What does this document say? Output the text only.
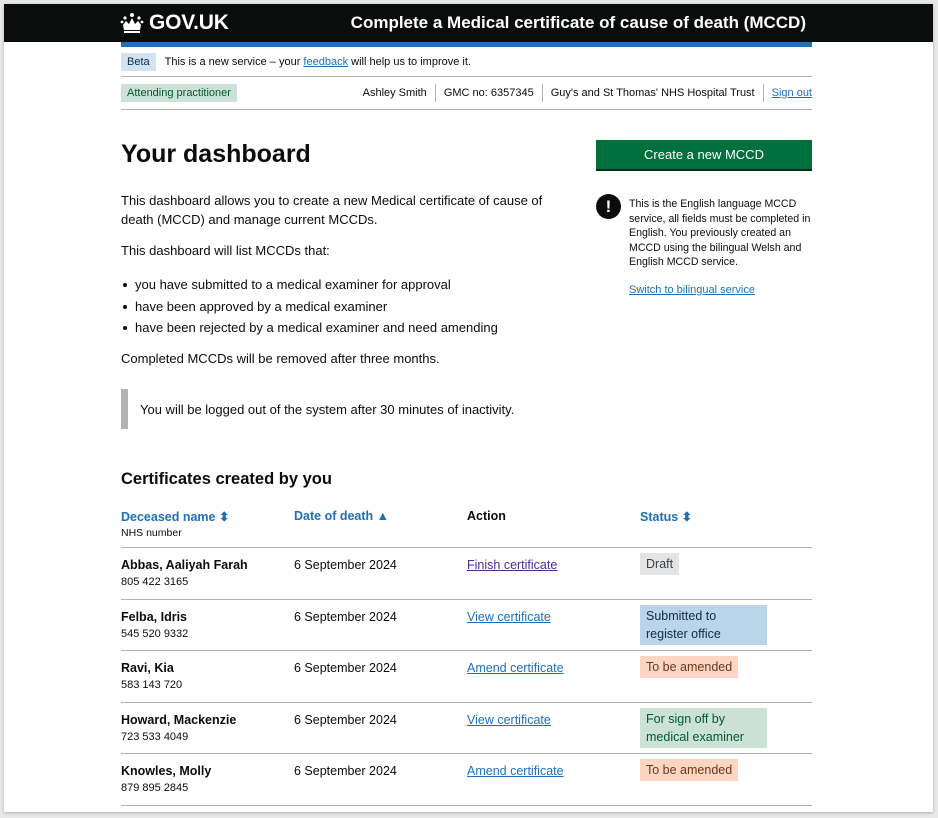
GOV.UK	Complete a Medical certificate of cause of death (MCCD)
Beta	This is a new service – your
feedback
will help us to improve it.
Attending practitioner	Ashley Smith	GMC no: 6357345	Guy's and St Thomas' NHS Hospital Trust	Sign out
Your dashboard

This dashboard allows you to create a new Medical certificate of cause of death (MCCD) and manage current MCCDs.

This dashboard will list MCCDs that:

you have submitted to a medical examiner for approval
have been approved by a medical examiner
have been rejected by a medical examiner and need amending

Completed MCCDs will be removed after three months.

You will be logged out of the system after 30 minutes of inactivity.
Create a new MCCD
!	This is the English language MCCD service, all fields must be completed in English. You previously created an MCCD using the bilingual Welsh and English MCCD service.
Switch to bilingual service
Certificates created by you
Deceased name ⬍
NHS number
Date of death ▲	Action	Status ⬍
Abbas, Aaliyah Farah
805 422 3165
6 September 2024	Finish certificate	Draft
Felba, Idris
545 520 9332
6 September 2024	View certificate	Submitted to register office
Ravi, Kia
583 143 720
6 September 2024	Amend certificate	To be amended
Howard, Mackenzie
723 533 4049
6 September 2024	View certificate	For sign off by medical examiner
Knowles, Molly
879 895 2845
6 September 2024	Amend certificate	To be amended
